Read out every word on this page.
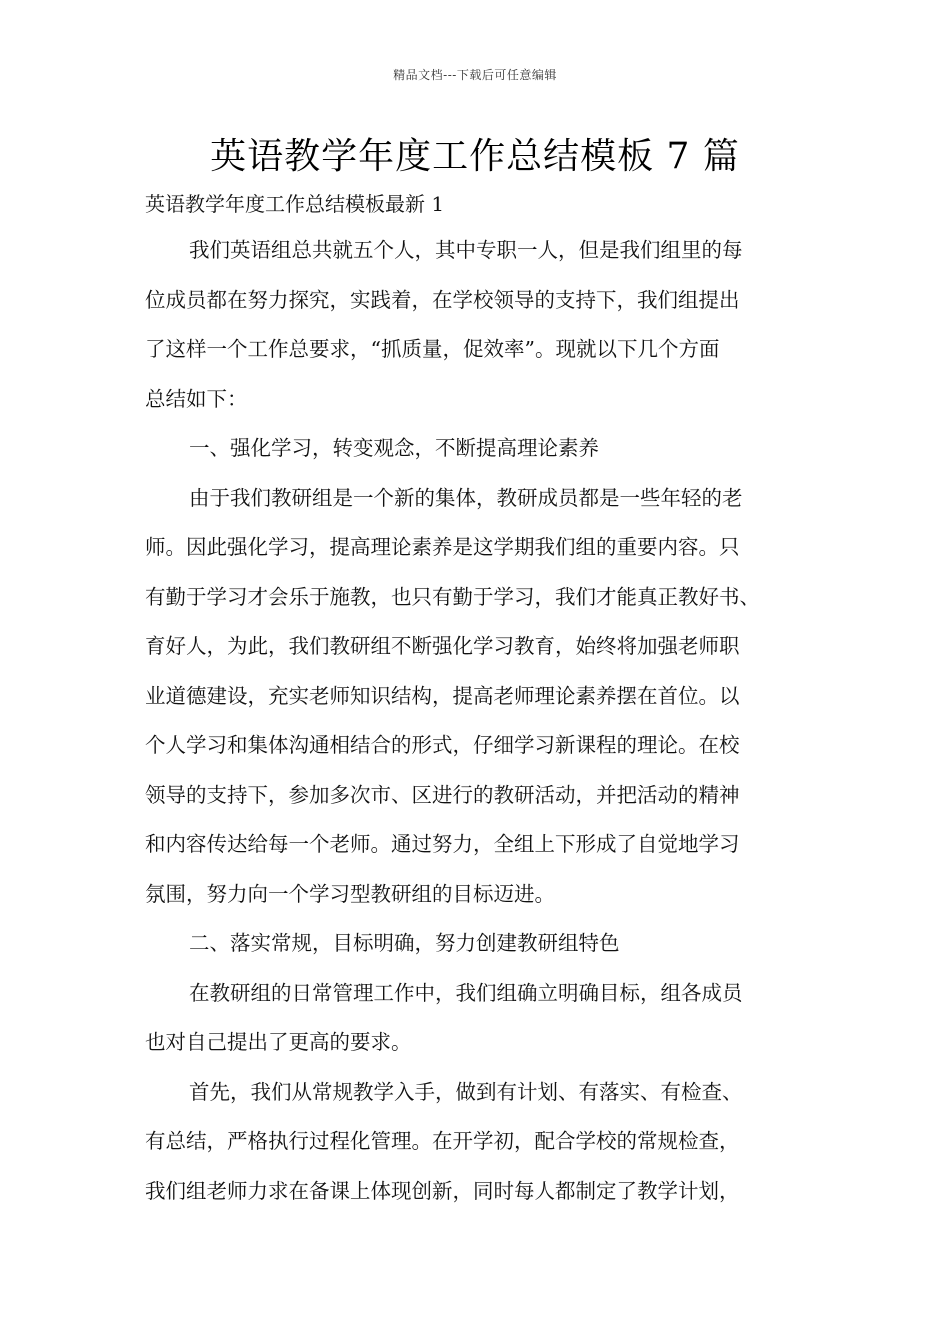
精品文档---下载后可任意编辑
英语教学年度工作总结模板 7 篇

英语教学年度工作总结模板最新 1

我们英语组总共就五个人，其中专职一人，但是我们组里的每
位成员都在努力探究，实践着，在学校领导的支持下，我们组提出
了这样一个工作总要求，“抓质量，促效率”。现就以下几个方面
总结如下：
一、强化学习，转变观念，不断提高理论素养
由于我们教研组是一个新的集体，教研成员都是一些年轻的老
师。因此强化学习，提高理论素养是这学期我们组的重要内容。只
有勤于学习才会乐于施教，也只有勤于学习，我们才能真正教好书、
育好人，为此，我们教研组不断强化学习教育，始终将加强老师职
业道德建设，充实老师知识结构，提高老师理论素养摆在首位。以
个人学习和集体沟通相结合的形式，仔细学习新课程的理论。在校
领导的支持下，参加多次市、区进行的教研活动，并把活动的精神
和内容传达给每一个老师。通过努力，全组上下形成了自觉地学习
氛围，努力向一个学习型教研组的目标迈进。
二、落实常规，目标明确，努力创建教研组特色
在教研组的日常管理工作中，我们组确立明确目标，组各成员
也对自己提出了更高的要求。
首先，我们从常规教学入手，做到有计划、有落实、有检查、
有总结，严格执行过程化管理。在开学初，配合学校的常规检查，
我们组老师力求在备课上体现创新，同时每人都制定了教学计划，
